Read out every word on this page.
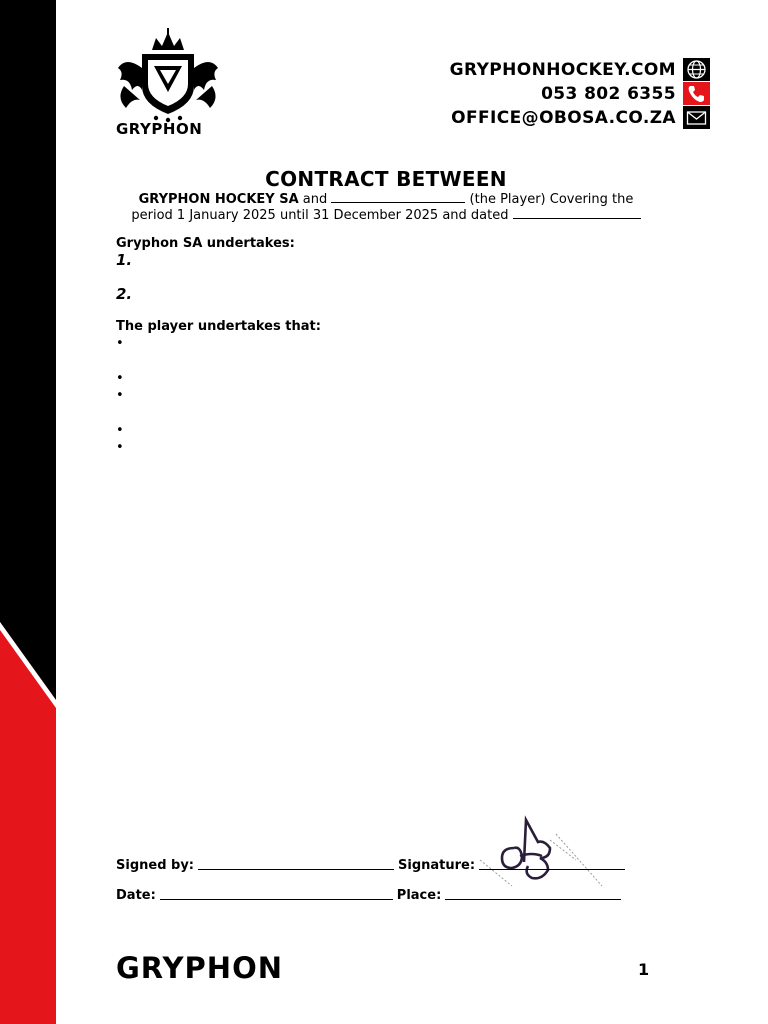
GRYPHON
GRYPHONHOCKEY.COM
053 802 6355
OFFICE@OBOSA.CO.ZA
CONTRACT BETWEEN
GRYPHON HOCKEY SA and	(the Player) Covering the
period 1 January 2025 until 31 December 2025 and dated
Gryphon SA undertakes:
1.
2.
The player undertakes that:
•
•
•
•
•
Signed by:	Signature:
Date:	Place:
GRYPHON	1
